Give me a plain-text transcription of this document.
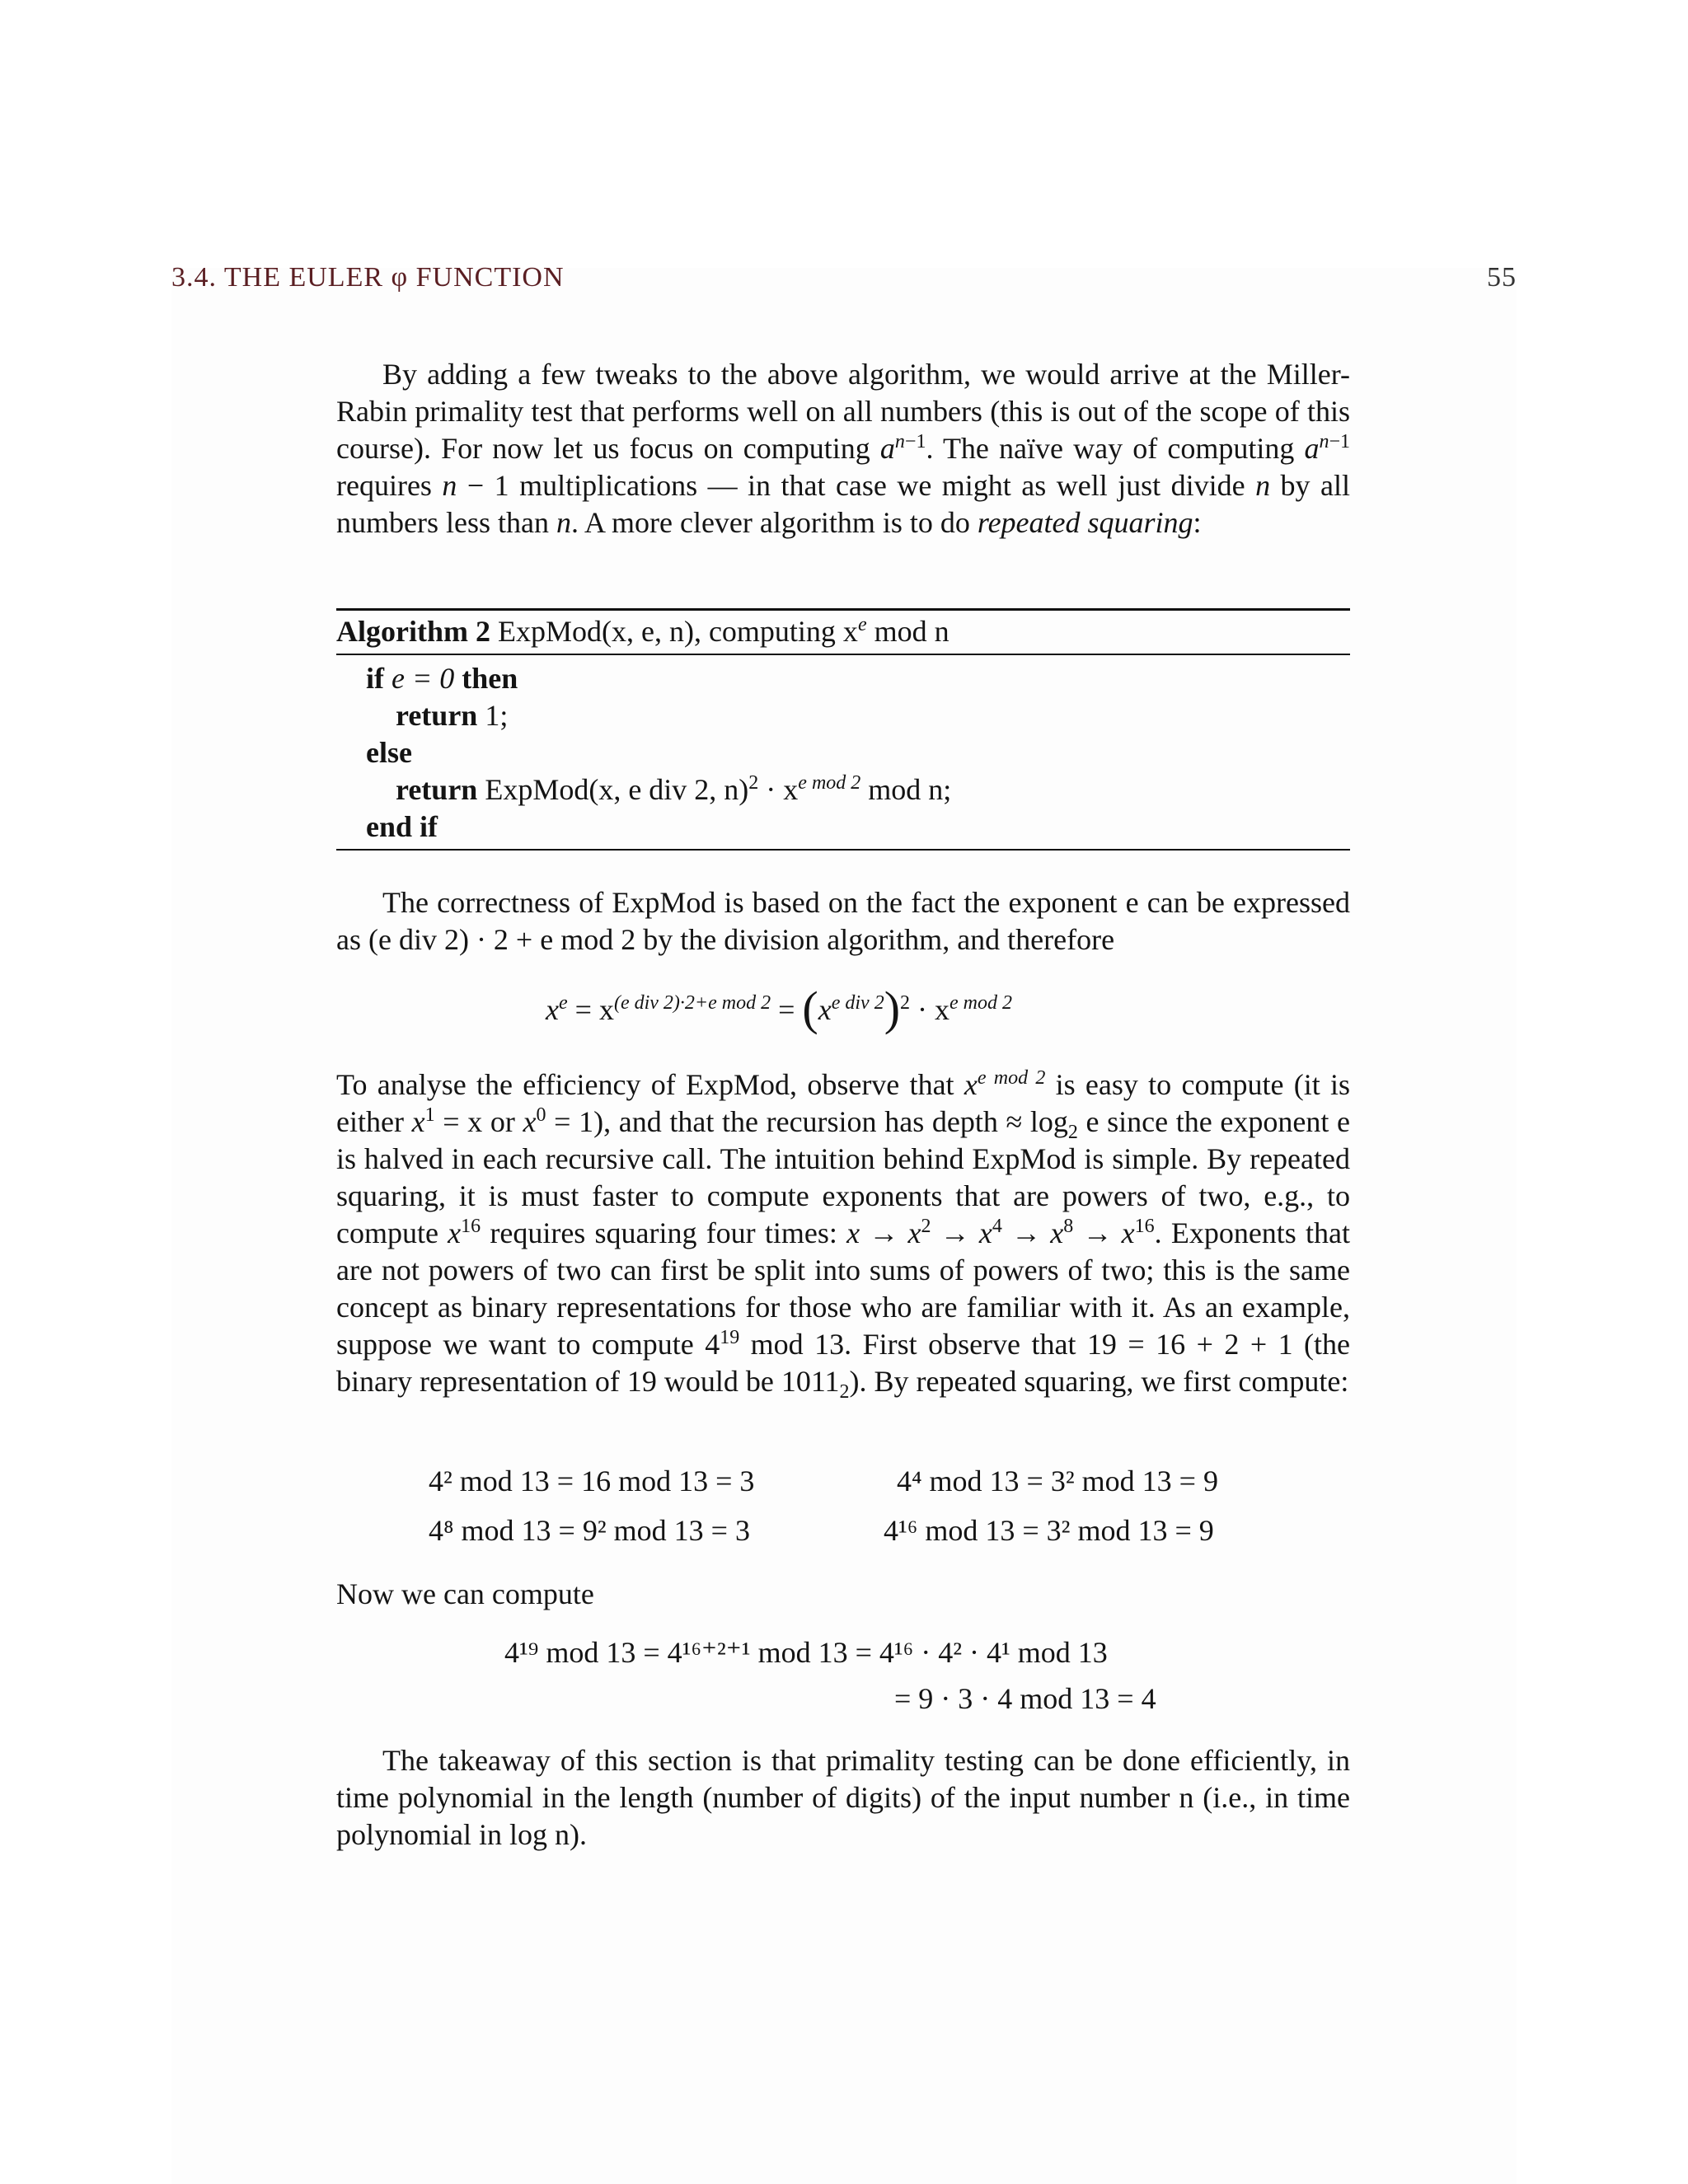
3.4. THE EULER φ FUNCTION	55

By adding a few tweaks to the above algorithm, we would arrive at the Miller-Rabin primality test that performs well on all numbers (this is out of the scope of this course). For now let us focus on computing $a^{n-1}$. The naïve way of computing $a^{n-1}$ requires n − 1 multiplications — in that case we might as well just divide n by all numbers less than n. A more clever algorithm is to do repeated squaring:

Algorithm 2 ExpMod(x, e, n), computing $x^e$ mod n
if e = 0 then
return 1;
else
return ExpMod(x, e div 2, $n)^2 \cdot x^{e mod 2}$ mod n;
end if

The correctness of ExpMod is based on the fact the exponent e can be expressed as (e div 2) · 2 + e mod 2 by the division algorithm, and therefore

$x^e = x^{(e div 2)\cdot 2+e mod 2} = (x^{e div 2})^2 \cdot x^{e mod 2}$

To analyse the efficiency of ExpMod, observe that $x^{e mod 2}$ is easy to compute (it is either $x^1 = x$ or $x^0 = 1$), and that the recursion has depth ≈ $\log_2 e$ since the exponent e is halved in each recursive call. The intuition behind ExpMod is simple. By repeated squaring, it is must faster to compute exponents that are powers of two, e.g., to compute $x^{16}$ requires squaring four times: $x \to x^2 \to x^4 \to x^8 \to x^{16}$. Exponents that are not powers of two can first be split into sums of powers of two; this is the same concept as binary representations for those who are familiar with it. As an example, suppose we want to compute $4^{19}$ mod 13. First observe that 19 = 16 + 2 + 1 (the binary representation of 19 would be $1011_2$). By repeated squaring, we first compute:

4² mod 13 = 16 mod 13 = 3	4⁴ mod 13 = 3² mod 13 = 9
4⁸ mod 13 = 9² mod 13 = 3	4¹⁶ mod 13 = 3² mod 13 = 9

Now we can compute

4¹⁹ mod 13 = 4¹⁶⁺²⁺¹ mod 13 = 4¹⁶ · 4² · 4¹ mod 13
= 9 · 3 · 4 mod 13 = 4

The takeaway of this section is that primality testing can be done efficiently, in time polynomial in the length (number of digits) of the input number n (i.e., in time polynomial in log n).
